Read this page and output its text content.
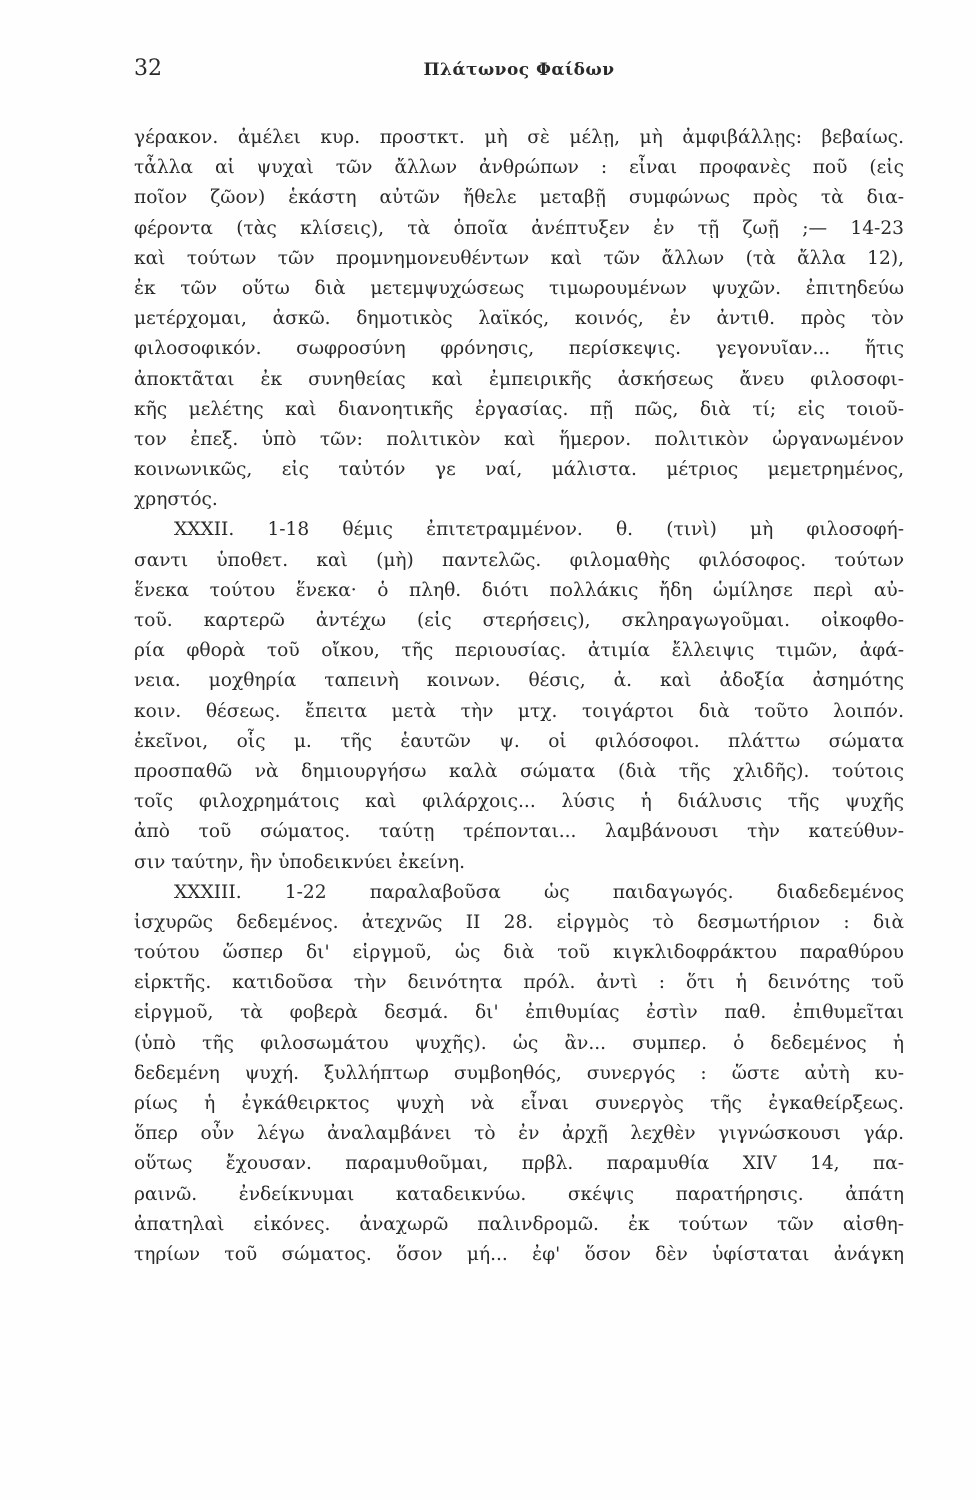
32	Πλάτωνος Φαίδων
γέρακον. ἀμέλει κυρ. προστκτ. μὴ σὲ μέλῃ, μὴ ἀμφιβάλλῃς: βεβαίως.
τἆλλα αἱ ψυχαὶ τῶν ἄλλων ἀνθρώπων : εἶναι προφανὲς ποῦ (εἰς
ποῖον ζῶον) ἑκάστη αὐτῶν ἤθελε μεταβῇ συμφώνως πρὸς τὰ δια-
φέροντα (τὰς κλίσεις), τὰ ὁποῖα ἀνέπτυξεν ἐν τῇ ζωῇ ;— 14-23
καὶ τούτων τῶν προμνημονευθέντων καὶ τῶν ἄλλων (τὰ ἄλλα 12),
ἐκ τῶν οὕτω διὰ μετεμψυχώσεως τιμωρουμένων ψυχῶν. ἐπιτηδεύω
μετέρχομαι, ἀσκῶ. δημοτικὸς λαϊκός, κοινός, ἐν ἀντιθ. πρὸς τὸν
φιλοσοφικόν. σωφροσύνη φρόνησις, περίσκεψις. γεγονυῖαν... ἥτις
ἀποκτᾶται ἐκ συνηθείας καὶ ἐμπειρικῆς ἀσκήσεως ἄνευ φιλοσοφι-
κῆς μελέτης καὶ διανοητικῆς ἐργασίας. πῇ πῶς, διὰ τί; εἰς τοιοῦ-
τον ἐπεξ. ὑπὸ τῶν: πολιτικὸν καὶ ἥμερον. πολιτικὸν ὠργανωμένον
κοινωνικῶς, εἰς ταὐτόν γε ναί, μάλιστα. μέτριος μεμετρημένος,
χρηστός.
XXXII. 1-18 θέμις ἐπιτετραμμένον. θ. (τινὶ) μὴ φιλοσοφή-
σαντι ὑποθετ. καὶ (μὴ) παντελῶς. φιλομαθὴς φιλόσοφος. τούτων
ἕνεκα τούτου ἕνεκα· ὁ πληθ. διότι πολλάκις ἤδη ὡμίλησε περὶ αὐ-
τοῦ. καρτερῶ ἀντέχω (εἰς στερήσεις), σκληραγωγοῦμαι. οἰκοφθο-
ρία φθορὰ τοῦ οἴκου, τῆς περιουσίας. ἀτιμία ἔλλειψις τιμῶν, ἀφά-
νεια. μοχθηρία ταπεινὴ κοινων. θέσις, ἀ. καὶ ἀδοξία ἀσημότης
κοιν. θέσεως. ἔπειτα μετὰ τὴν μτχ. τοιγάρτοι διὰ τοῦτο λοιπόν.
ἐκεῖνοι, οἷς μ. τῆς ἑαυτῶν ψ. οἱ φιλόσοφοι. πλάττω σώματα
προσπαθῶ νὰ δημιουργήσω καλὰ σώματα (διὰ τῆς χλιδῆς). τούτοις
τοῖς φιλοχρημάτοις καὶ φιλάρχοις... λύσις ἡ διάλυσις τῆς ψυχῆς
ἀπὸ τοῦ σώματος. ταύτῃ τρέπονται... λαμβάνουσι τὴν κατεύθυν-
σιν ταύτην, ἣν ὑποδεικνύει ἐκείνη.
XXXIII. 1-22 παραλαβοῦσα ὡς παιδαγωγός. διαδεδεμένος
ἰσχυρῶς δεδεμένος. ἀτεχνῶς II 28. εἱργμὸς τὸ δεσμωτήριον : διὰ
τούτου ὥσπερ δι' εἱργμοῦ, ὡς διὰ τοῦ κιγκλιδοφράκτου παραθύρου
εἱρκτῆς. κατιδοῦσα τὴν δεινότητα πρόλ. ἀντὶ : ὅτι ἡ δεινότης τοῦ
εἱργμοῦ, τὰ φοβερὰ δεσμά. δι' ἐπιθυμίας ἐστὶν παθ. ἐπιθυμεῖται
(ὑπὸ τῆς φιλοσωμάτου ψυχῆς). ὡς ἂν... συμπερ. ὁ δεδεμένος ἡ
δεδεμένη ψυχή. ξυλλήπτωρ συμβοηθός, συνεργός : ὥστε αὐτὴ κυ-
ρίως ἡ ἐγκάθειρκτος ψυχὴ νὰ εἶναι συνεργὸς τῆς ἐγκαθείρξεως.
ὅπερ οὖν λέγω ἀναλαμβάνει τὸ ἐν ἀρχῇ λεχθὲν γιγνώσκουσι γάρ.
οὕτως ἔχουσαν. παραμυθοῦμαι, πρβλ. παραμυθία XIV 14, πα-
ραινῶ. ἐνδείκνυμαι καταδεικνύω. σκέψις παρατήρησις. ἀπάτη
ἀπατηλαὶ εἰκόνες. ἀναχωρῶ παλινδρομῶ. ἐκ τούτων τῶν αἰσθη-
τηρίων τοῦ σώματος. ὅσον μή... ἐφ' ὅσον δὲν ὑφίσταται ἀνάγκη
